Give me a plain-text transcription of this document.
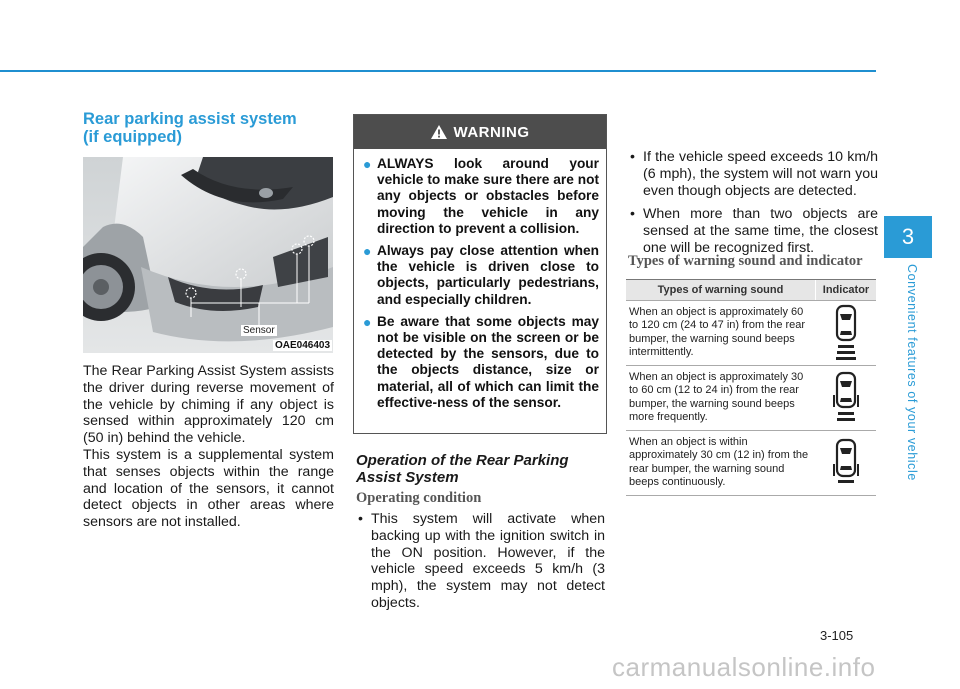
Rear parking assist system
(if equipped)
Sensor
OAE046403
The Rear Parking Assist System assists the driver during reverse movement of the vehicle by chiming if any object is sensed within approximately 120 cm (50 in) behind the vehicle.
This system is a supplemental system that senses objects within the range and location of the sensors, it cannot detect objects in other areas where sensors are not installed.
WARNING
● ALWAYS look around your vehicle to make sure there are not any objects or obstacles before moving the vehicle in any direction to prevent a collision.
● Always pay close attention when the vehicle is driven close to objects, particularly pedestrians, and especially children.
● Be aware that some objects may not be visible on the screen or be detected by the sensors, due to the objects distance, size or material, all of which can limit the effective-ness of the sensor.
Operation of the Rear Parking Assist System
Operating condition
• This system will activate when backing up with the ignition switch in the ON position. However, if the vehicle speed exceeds 5 km/h (3 mph), the system may not detect objects.
• If the vehicle speed exceeds 10 km/h (6 mph), the system will not warn you even though objects are detected.
• When more than two objects are sensed at the same time, the closest one will be recognized first.
Types of warning sound and indicator
Types of warning sound	Indicator
When an object is approximately 60 to 120 cm (24 to 47 in) from the rear bumper, the warning sound beeps intermittently.
When an object is approximately 30 to 60 cm (12 to 24 in) from the rear bumper, the warning sound beeps more frequently.
When an object is within approximately 30 cm (12 in) from the rear bumper, the warning sound beeps continuously.
3
Convenient features of your vehicle
3-105
carmanualsonline.info
